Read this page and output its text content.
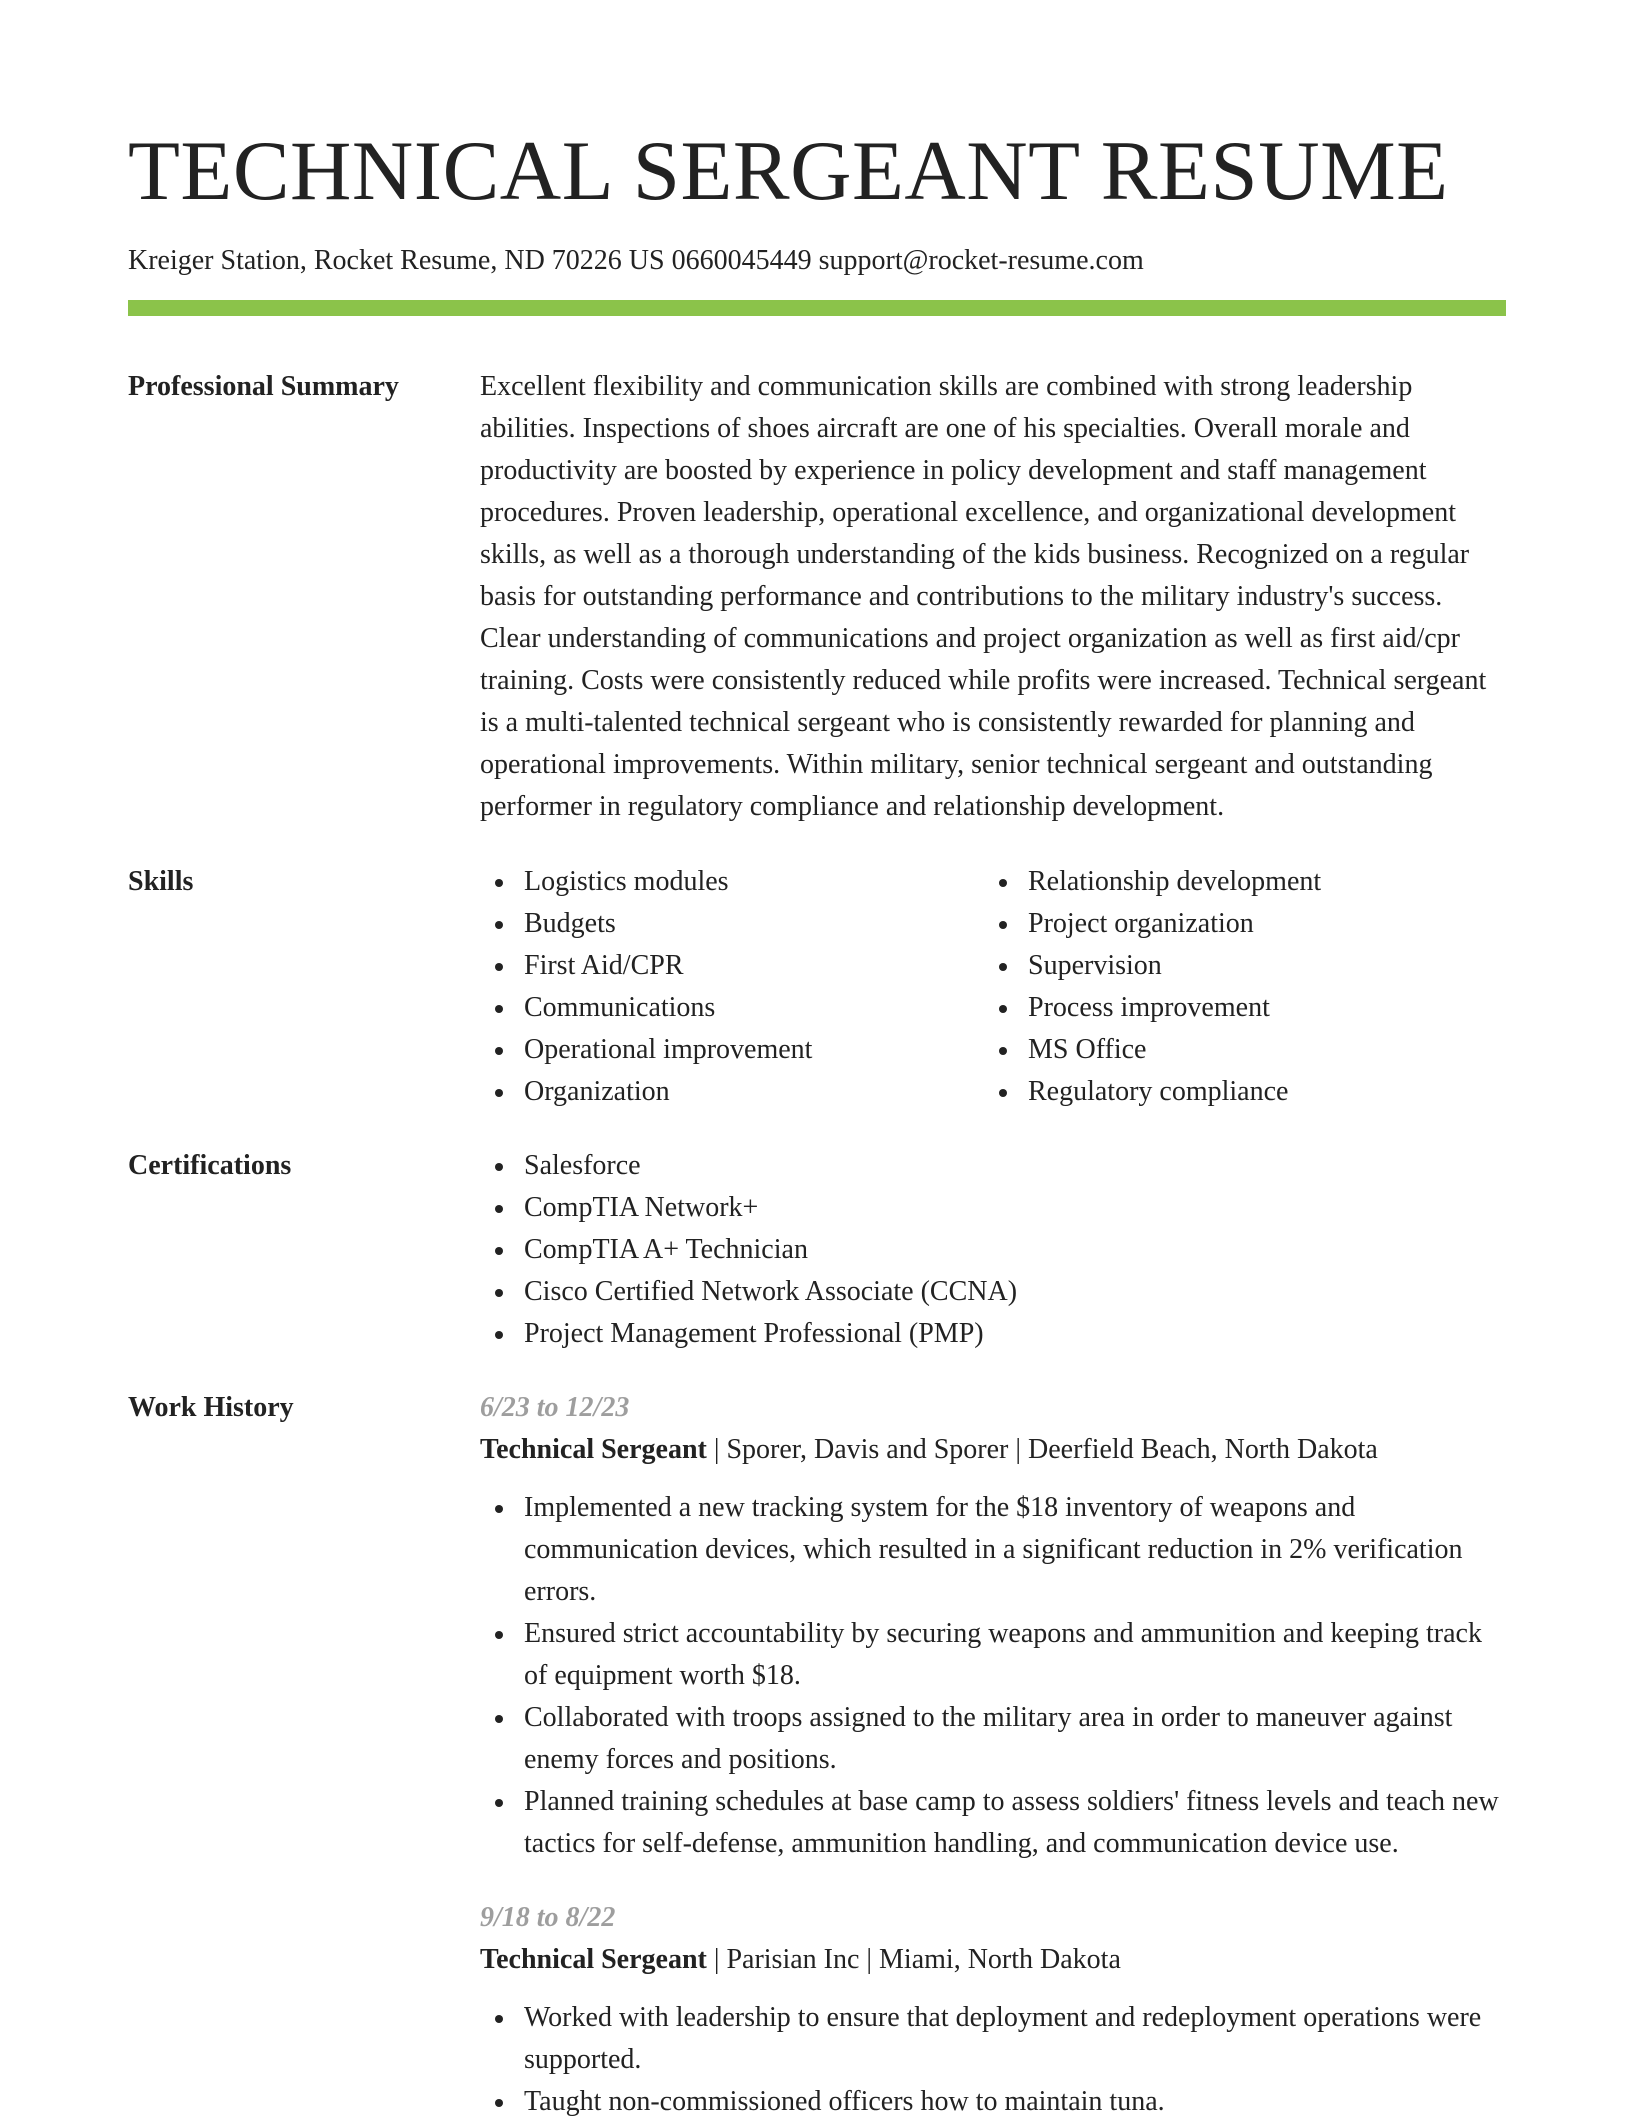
TECHNICAL SERGEANT RESUME
Kreiger Station, Rocket Resume, ND 70226 US 0660045449 support@rocket-resume.com
Professional Summary	Excellent flexibility and communication skills are combined with strong leadership abilities. Inspections of shoes aircraft are one of his specialties. Overall morale and productivity are boosted by experience in policy development and staff management procedures. Proven leadership, operational excellence, and organizational development skills, as well as a thorough understanding of the kids business. Recognized on a regular basis for outstanding performance and contributions to the military industry's success. Clear understanding of communications and project organization as well as first aid/cpr training. Costs were consistently reduced while profits were increased. Technical sergeant is a multi-talented technical sergeant who is consistently rewarded for planning and operational improvements. Within military, senior technical sergeant and outstanding performer in regulatory compliance and relationship development.

Skills	Logistics modules
Budgets
First Aid/CPR
Communications
Operational improvement
Organization
Relationship development
Project organization
Supervision
Process improvement
MS Office
Regulatory compliance
Certifications	Salesforce
CompTIA Network+
CompTIA A+ Technician
Cisco Certified Network Associate (CCNA)
Project Management Professional (PMP)
Work History	6/23 to 12/23
Technical Sergeant | Sporer, Davis and Sporer | Deerfield Beach, North Dakota
Implemented a new tracking system for the $18 inventory of weapons and communication devices, which resulted in a significant reduction in 2% verification errors.
Ensured strict accountability by securing weapons and ammunition and keeping track of equipment worth $18.
Collaborated with troops assigned to the military area in order to maneuver against enemy forces and positions.
Planned training schedules at base camp to assess soldiers' fitness levels and teach new tactics for self-defense, ammunition handling, and communication device use.
9/18 to 8/22
Technical Sergeant | Parisian Inc | Miami, North Dakota
Worked with leadership to ensure that deployment and redeployment operations were supported.
Taught non-commissioned officers how to maintain tuna.
